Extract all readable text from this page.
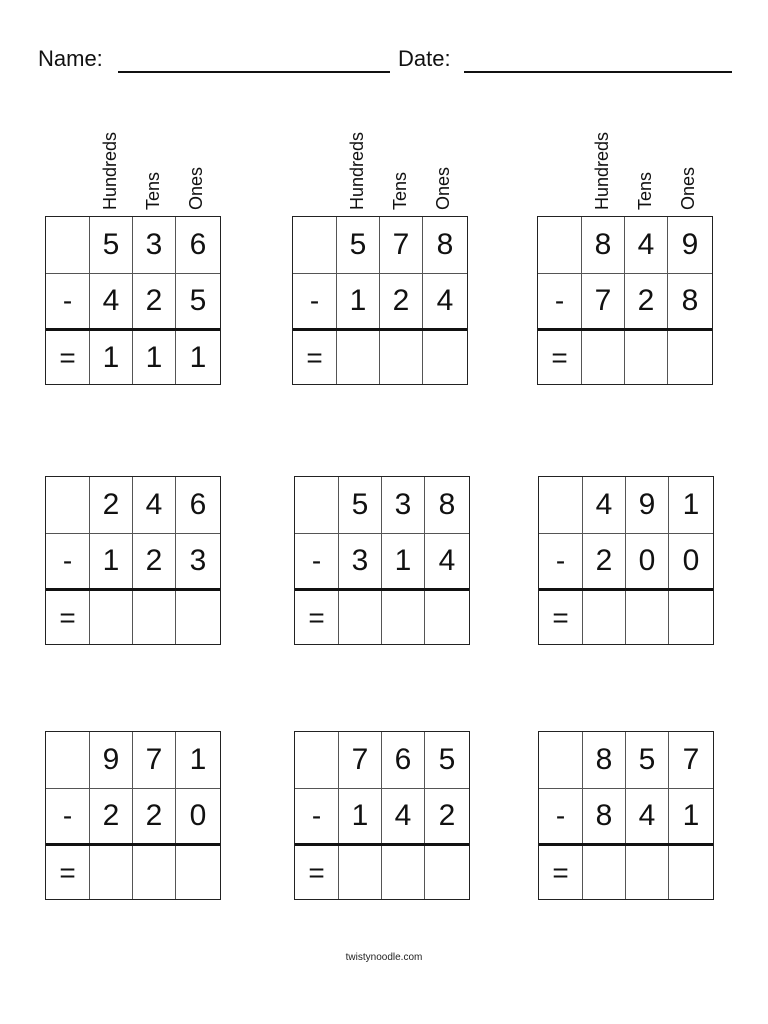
Name:	Date:
Hundreds Tens Ones
5 3 6
-	4 2 5
= 1 1 1
Hundreds Tens Ones
5 7 8
-	1 2 4
=
Hundreds Tens Ones
8 4 9
-	7 2 8
=
2 4 6
-	1 2 3
=
5 3 8
-	3 1 4
=
4 9 1
-	2 0 0
=
9 7 1
-	2 2 0
=
7 6 5
-	1 4 2
=
8 5 7
-	8 4 1
=
twistynoodle.com
